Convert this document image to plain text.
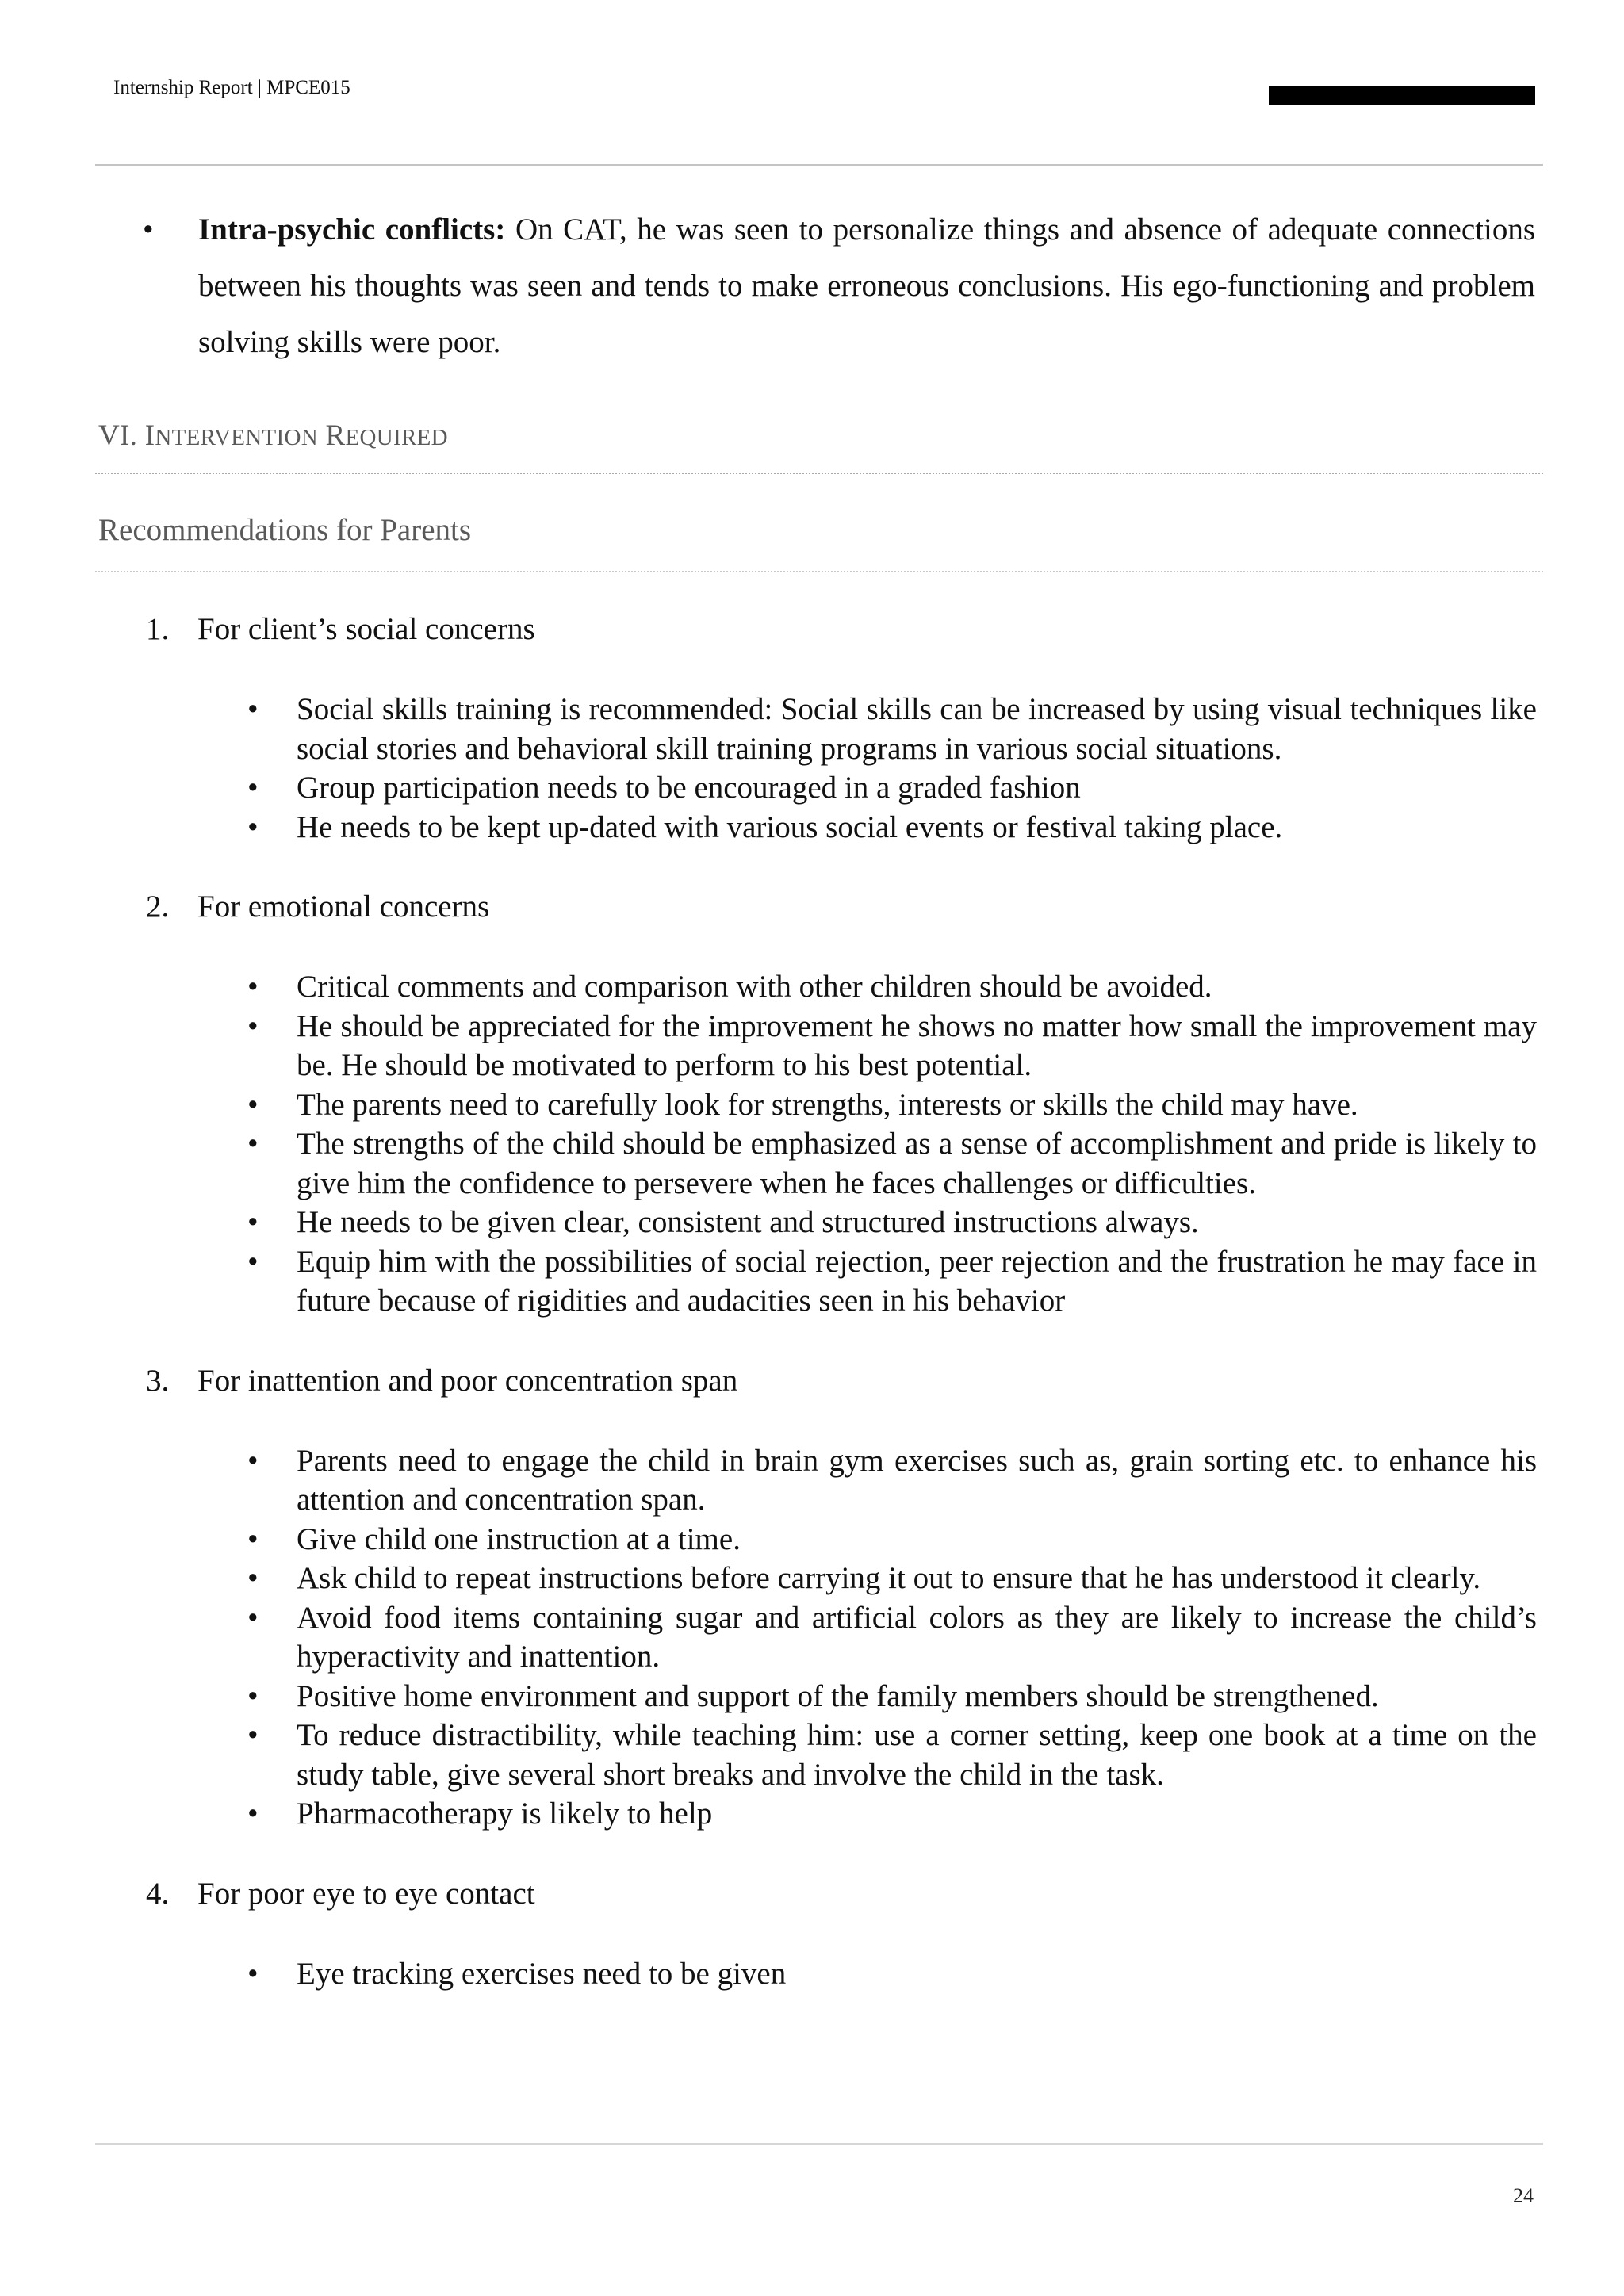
Internship Report | MPCE015
• Intra-psychic conflicts: On CAT, he was seen to personalize things and absence of adequate connections between his thoughts was seen and tends to make erroneous conclusions. His ego-functioning and problem solving skills were poor.
VI. INTERVENTION REQUIRED
Recommendations for Parents
1. For client’s social concerns
• Social skills training is recommended: Social skills can be increased by using visual techniques like social stories and behavioral skill training programs in various social situations.
• Group participation needs to be encouraged in a graded fashion
• He needs to be kept up-dated with various social events or festival taking place.
2. For emotional concerns
• Critical comments and comparison with other children should be avoided.
• He should be appreciated for the improvement he shows no matter how small the improvement may be. He should be motivated to perform to his best potential.
• The parents need to carefully look for strengths, interests or skills the child may have.
• The strengths of the child should be emphasized as a sense of accomplishment and pride is likely to give him the confidence to persevere when he faces challenges or difficulties.
• He needs to be given clear, consistent and structured instructions always.
• Equip him with the possibilities of social rejection, peer rejection and the frustration he may face in future because of rigidities and audacities seen in his behavior
3. For inattention and poor concentration span
• Parents need to engage the child in brain gym exercises such as, grain sorting etc. to enhance his attention and concentration span.
• Give child one instruction at a time.
• Ask child to repeat instructions before carrying it out to ensure that he has understood it clearly.
• Avoid food items containing sugar and artificial colors as they are likely to increase the child’s hyperactivity and inattention.
• Positive home environment and support of the family members should be strengthened.
• To reduce distractibility, while teaching him: use a corner setting, keep one book at a time on the study table, give several short breaks and involve the child in the task.
• Pharmacotherapy is likely to help
4. For poor eye to eye contact
• Eye tracking exercises need to be given
24
